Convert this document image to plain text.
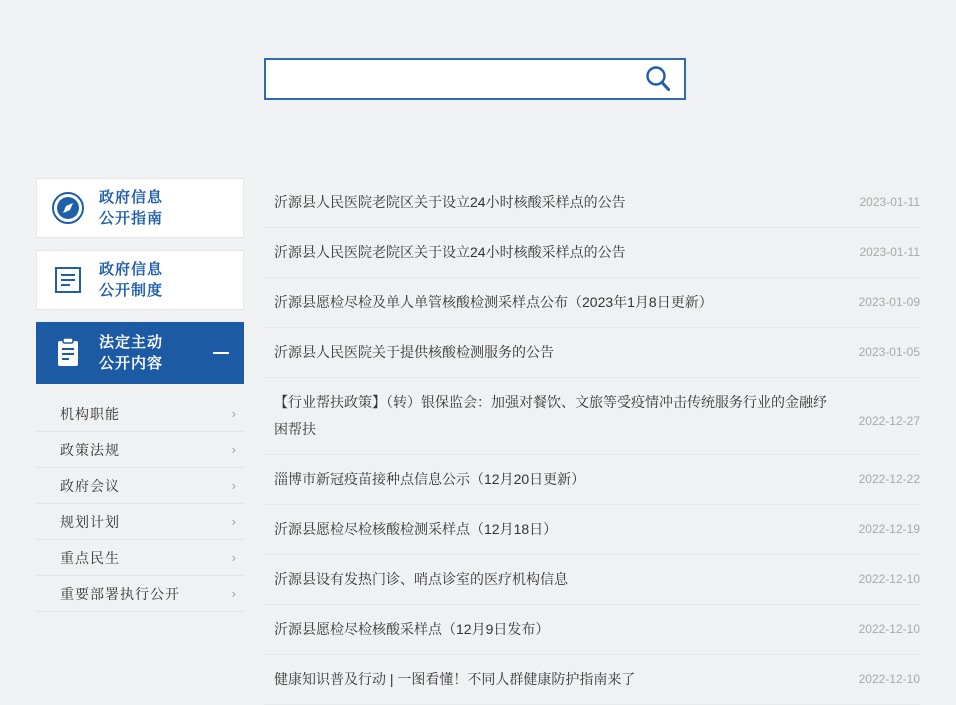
政府信息
公开指南
政府信息
公开制度
法定主动
公开内容
机构职能	›
政策法规	›
政府会议	›
规划计划	›
重点民生	›
重要部署执行公开	›
沂源县人民医院老院区关于设立24小时核酸采样点的公告	2023-01-11
沂源县人民医院老院区关于设立24小时核酸采样点的公告	2023-01-11
沂源县愿检尽检及单人单管核酸检测采样点公布（2023年1月8日更新）	2023-01-09
沂源县人民医院关于提供核酸检测服务的公告	2023-01-05
【行业帮扶政策】（转）银保监会：加强对餐饮、文旅等受疫情冲击传统服务行业的金融纾困帮扶	2022-12-27
淄博市新冠疫苗接种点信息公示（12月20日更新）	2022-12-22
沂源县愿检尽检核酸检测采样点（12月18日）	2022-12-19
沂源县设有发热门诊、哨点诊室的医疗机构信息	2022-12-10
沂源县愿检尽检核酸采样点（12月9日发布）	2022-12-10
健康知识普及行动 | 一图看懂！不同人群健康防护指南来了	2022-12-10
